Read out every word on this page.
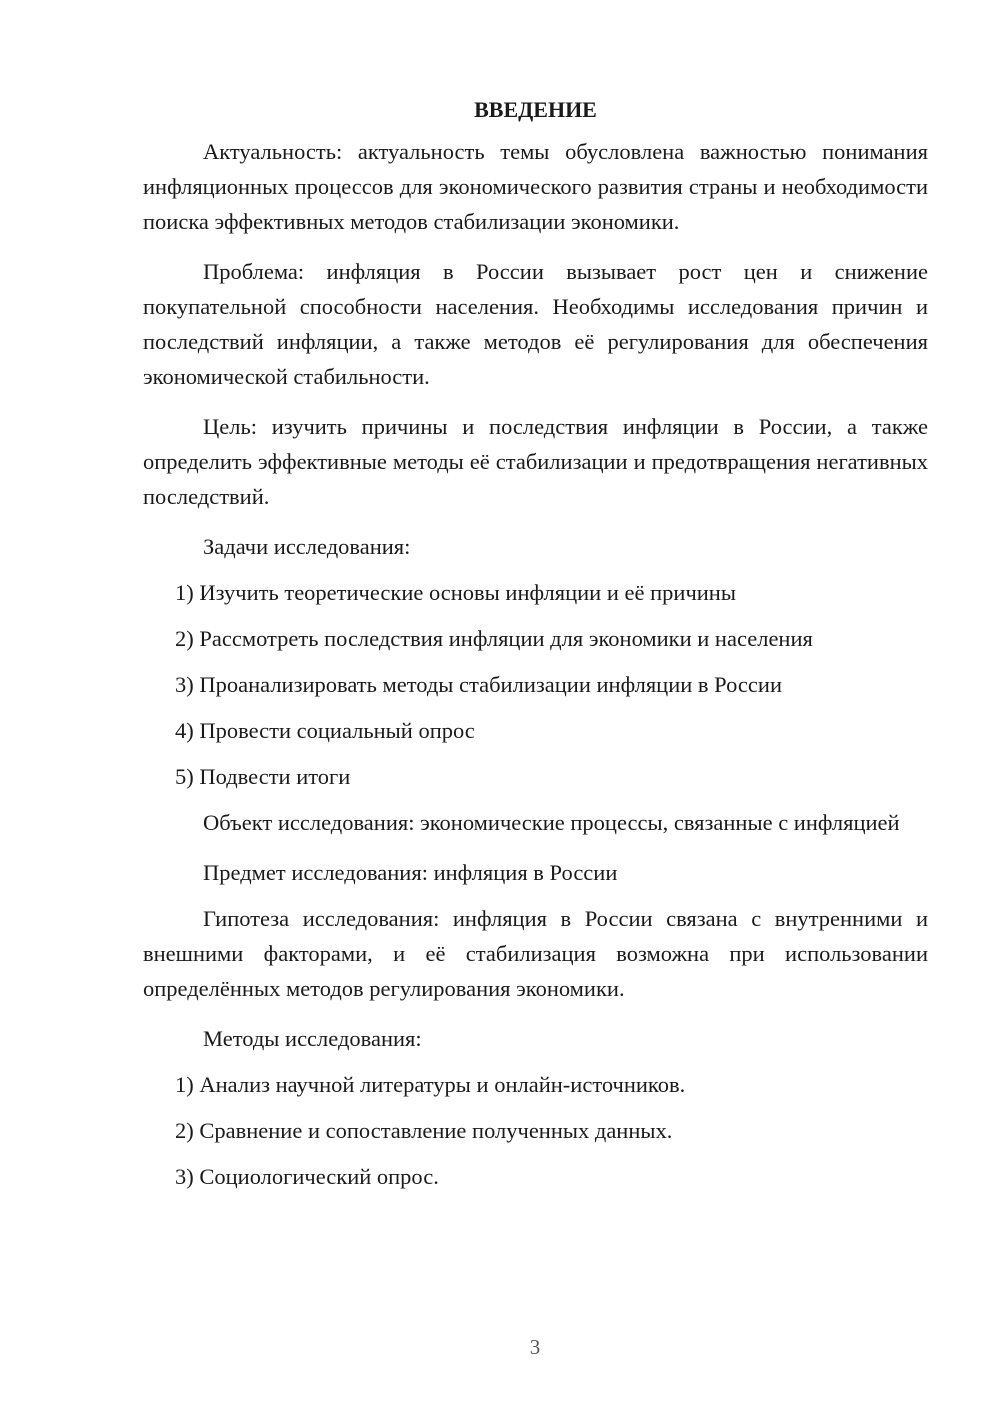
ВВЕДЕНИЕ

Актуальность: актуальность темы обусловлена важностью понимания инфляционных процессов для экономического развития страны и необходимости поиска эффективных методов стабилизации экономики.

Проблема: инфляция в России вызывает рост цен и снижение покупательной способности населения. Необходимы исследования причин и последствий инфляции, а также методов её регулирования для обеспечения экономической стабильности.

Цель: изучить причины и последствия инфляции в России, а также определить эффективные методы её стабилизации и предотвращения негативных последствий.

Задачи исследования:

1) Изучить теоретические основы инфляции и её причины
2) Рассмотреть последствия инфляции для экономики и населения
3) Проанализировать методы стабилизации инфляции в России
4) Провести социальный опрос
5) Подвести итоги

Объект исследования: экономические процессы, связанные с инфляцией

Предмет исследования: инфляция в России

Гипотеза исследования: инфляция в России связана с внутренними и внешними факторами, и её стабилизация возможна при использовании определённых методов регулирования экономики.

Методы исследования:

1) Анализ научной литературы и онлайн-источников.
2) Сравнение и сопоставление полученных данных.
3) Социологический опрос.
3
